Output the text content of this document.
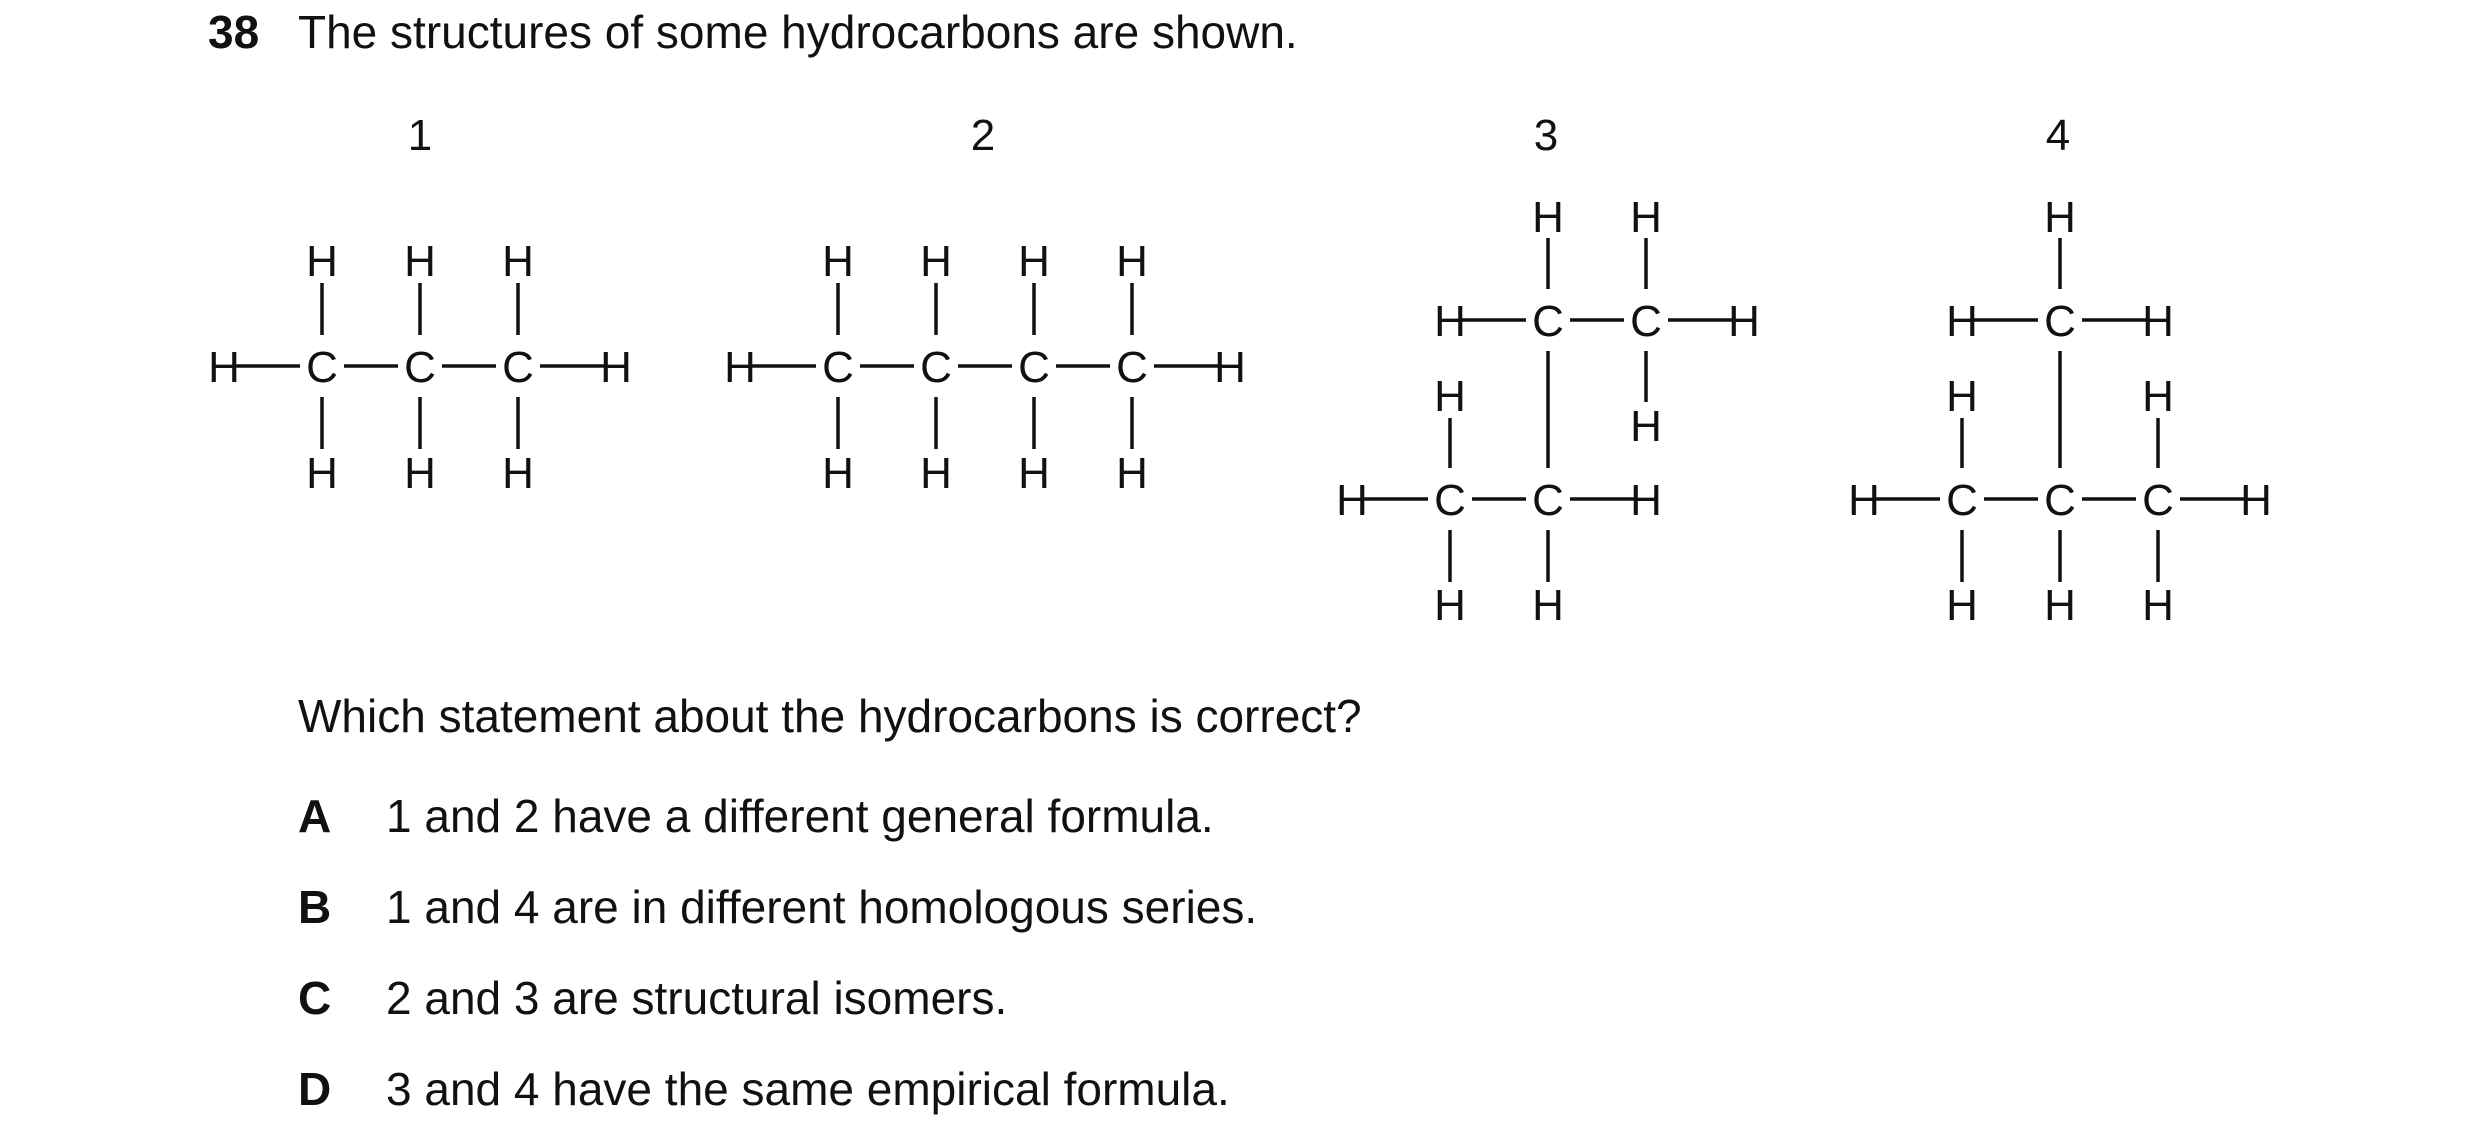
38 The structures of some hydrocarbons are shown.
1	2	3	4
H C C C H
H H H
H H H
H C C C C H
H H H H
H H H H
H H
H C C H
H
H
H C C H
H H
H
H C H
H	H
H C C C H
H H H
Which statement about the hydrocarbons is correct?
A 1 and 2 have a different general formula.
B 1 and 4 are in different homologous series.
C 2 and 3 are structural isomers.
D 3 and 4 have the same empirical formula.
